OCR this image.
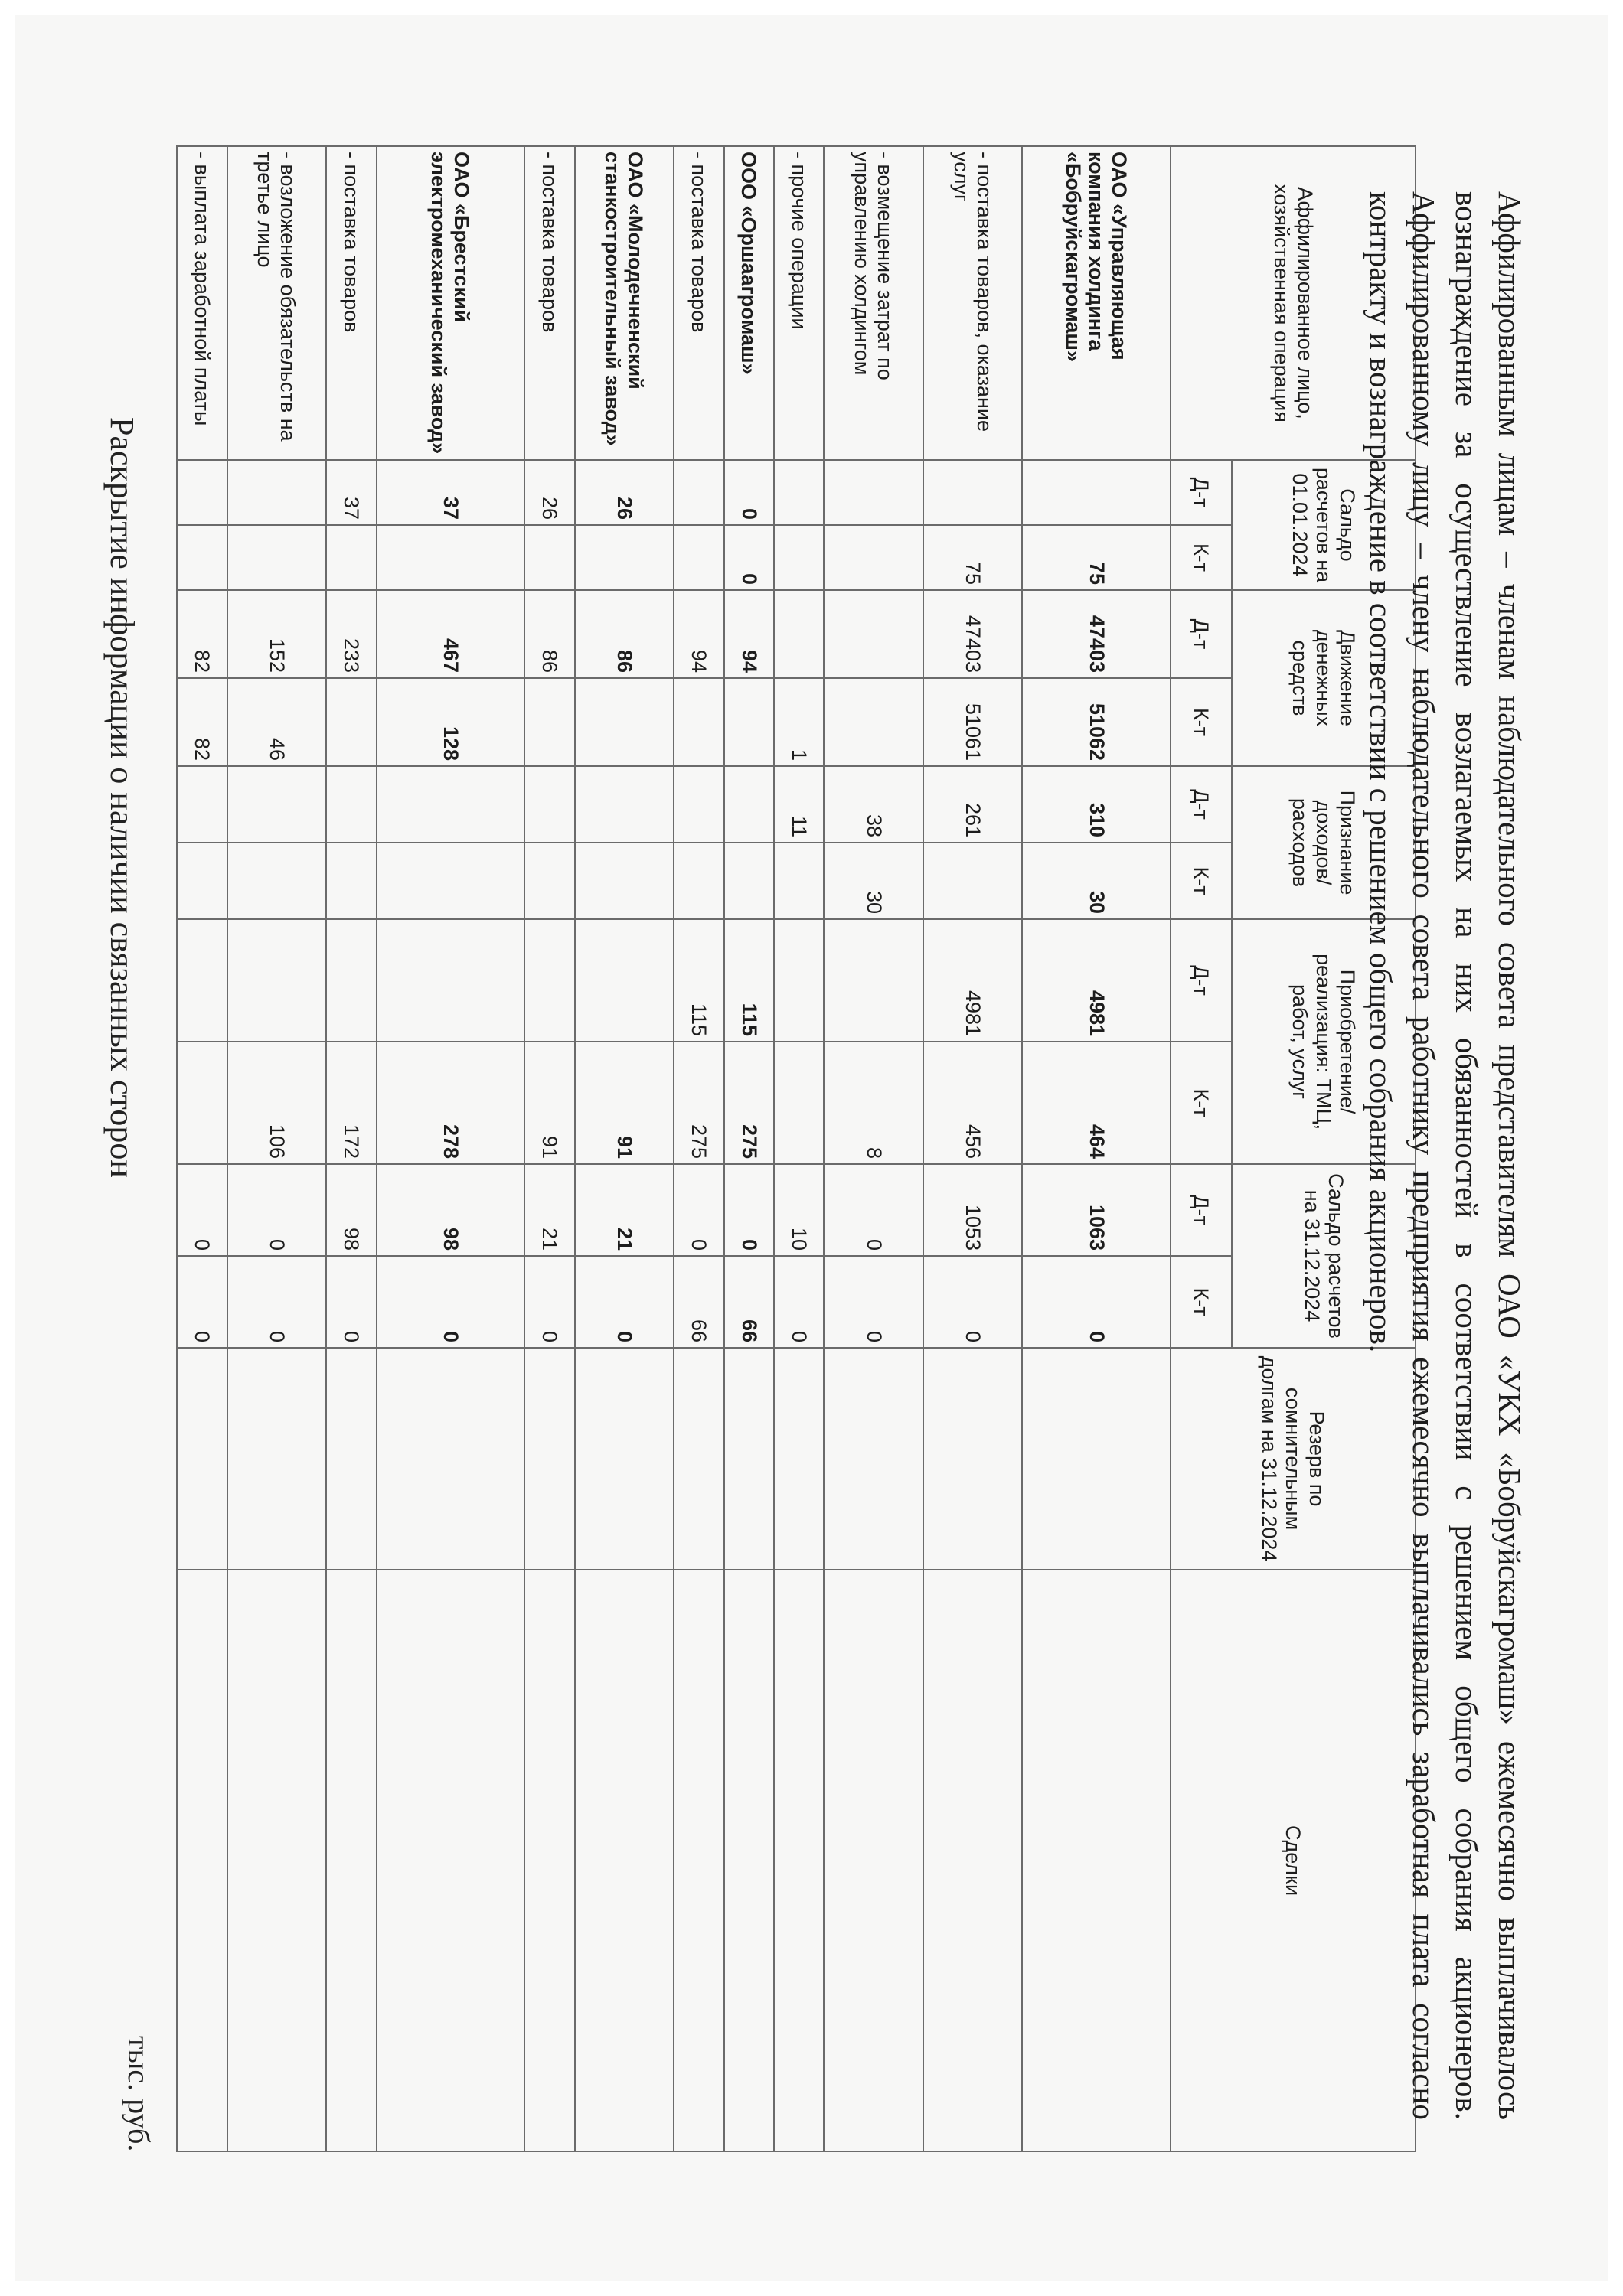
Раскрытие информации о наличии связанных сторон
тыс. руб.
Аффилированное лицо, хозяйственная операция	Сальдо расчетов на 01.01.2024		Движение денежных средств		Признание доходов/ расходов		Приобретение/ реализация: ТМЦ, работ, услуг		Сальдо расчетов на 31.12.2024		Резерв по сомнительным долгам на 31.12.2024	Сделки
	Д-т	К-т	Д-т	К-т	Д-т	К-т	Д-т	К-т	Д-т	К-т		
ОАО «Управляющая компания холдинга «Бобруйскагромаш»		75	47403	51062	310	30	4981	464	1063	0		
- поставка товаров, оказание услуг		75	47403	51061	261		4981	456	1053	0		
- возмещение затрат по управлению холдингом					38	30		8	0	0		
- прочие операции				1	11				10	0		
ООО «Оршаагромаш»	0	0	94				115	275	0	66		
- поставка товаров			94				115	275	0	66		
ОАО «Молодечненский станкостроительный завод»	26		86					91	21	0		
- поставка товаров	26		86					91	21	0		
ОАО «Брестский электромеханический завод»	37		467	128				278	98	0		
- поставка товаров	37		233					172	98	0		
- возложение обязательств на третье лицо			152	46				106	0	0		
- выплата заработной платы			82	82					0	0			Аффилированным лицам – членам наблюдательного совета представителям ОАО «УКХ «Бобруйскагромаш» ежемесячно выплачивалось вознаграждение за осуществление возлагаемых на них обязанностей в соответствии с решением общего собрания акционеров. Аффилированному лицу – члену наблюдательного совета работнику предприятия ежемесячно выплачивались заработная плата согласно контракту и вознаграждение в соответствии с решением общего собрания акционеров.
